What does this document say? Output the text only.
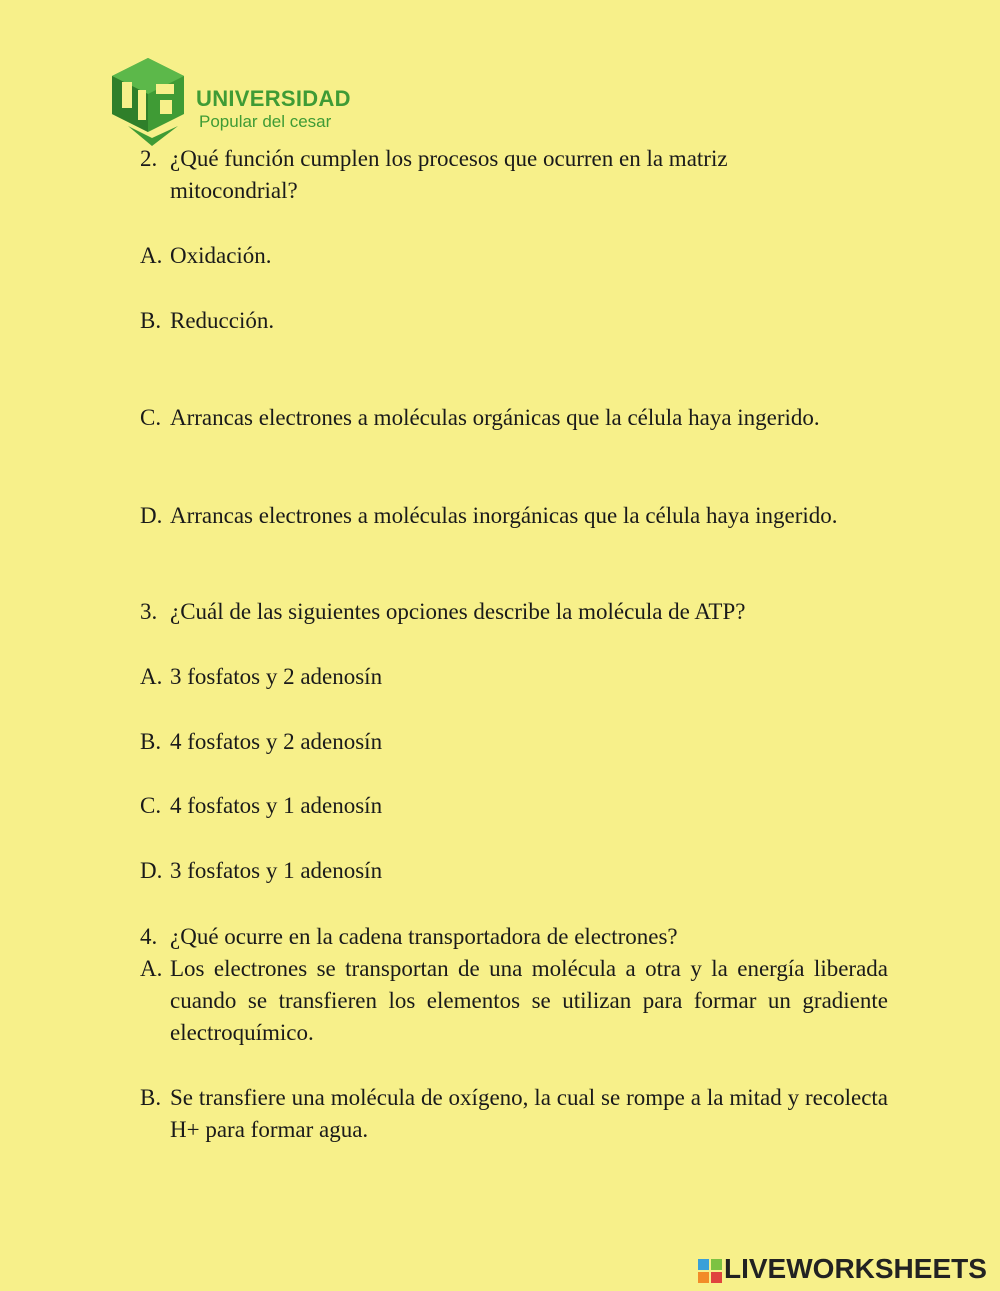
UNIVERSIDAD
Popular del cesar
2. ¿Qué función cumplen los procesos que ocurren en la matriz mitocondrial?
A. Oxidación.
B. Reducción.
C. Arrancas electrones a moléculas orgánicas que la célula haya ingerido.
D. Arrancas electrones a moléculas inorgánicas que la célula haya ingerido.
3. ¿Cuál de las siguientes opciones describe la molécula de ATP?
A. 3 fosfatos y 2 adenosín
B. 4 fosfatos y 2 adenosín
C. 4 fosfatos y 1 adenosín
D. 3 fosfatos y 1 adenosín
4. ¿Qué ocurre en la cadena transportadora de electrones?
A. Los electrones se transportan de una molécula a otra y la energía liberada cuando se transfieren los elementos se utilizan para formar un gradiente electroquímico.
B. Se transfiere una molécula de oxígeno, la cual se rompe a la mitad y recolecta H+ para formar agua.
LIVEWORKSHEETS
